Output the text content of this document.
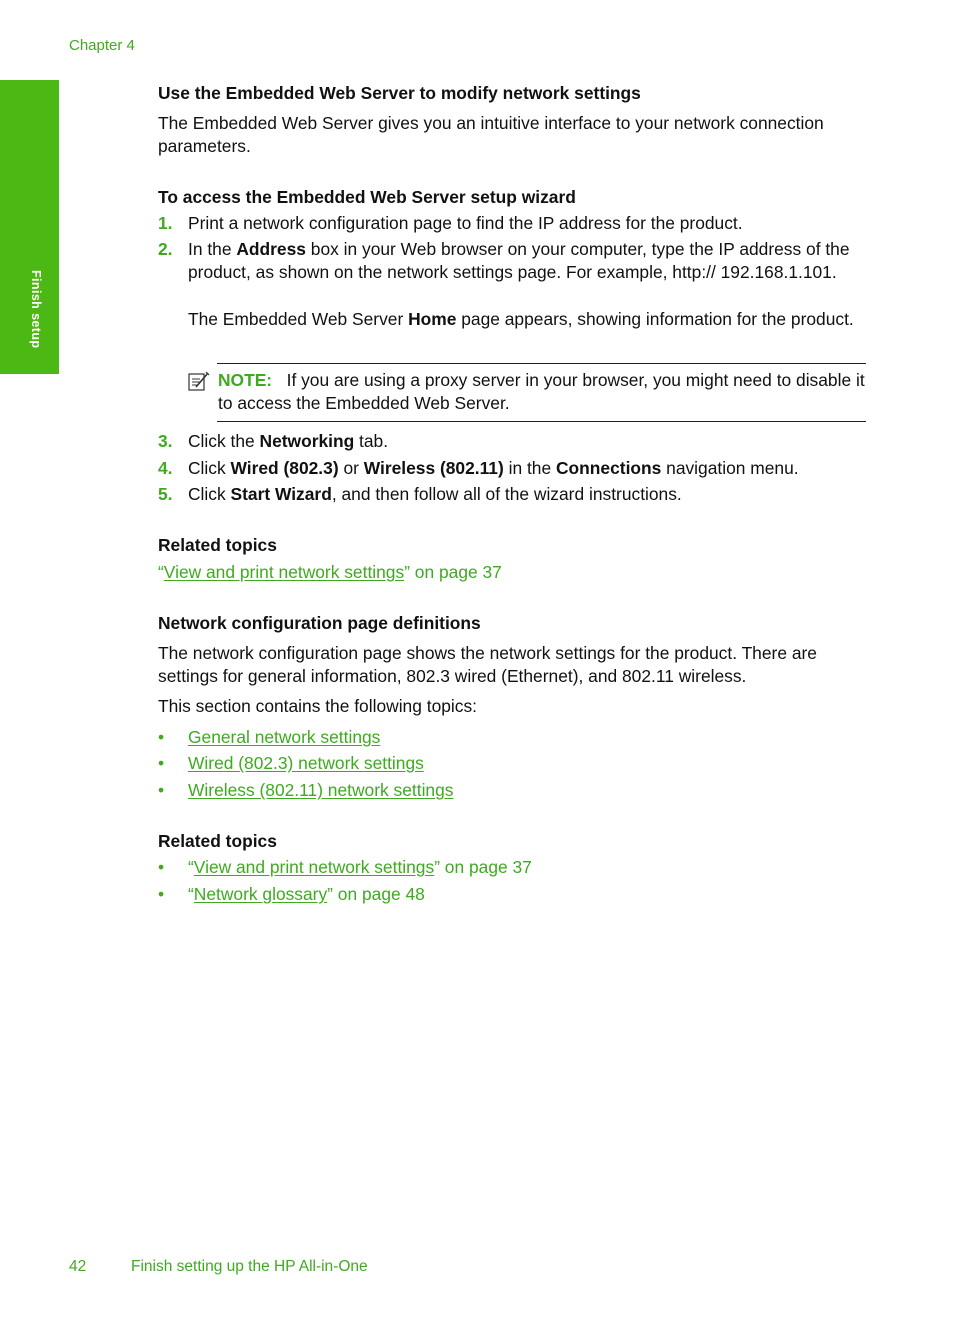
Chapter 4
Finish setup
Use the Embedded Web Server to modify network settings
The Embedded Web Server gives you an intuitive interface to your network connection parameters.
To access the Embedded Web Server setup wizard
1. Print a network configuration page to find the IP address for the product.
2. In the Address box in your Web browser on your computer, type the IP address of the product, as shown on the network settings page. For example, http:// 192.168.1.101.
The Embedded Web Server Home page appears, showing information for the product.
NOTE: If you are using a proxy server in your browser, you might need to disable it to access the Embedded Web Server.
3. Click the Networking tab.
4. Click Wired (802.3) or Wireless (802.11) in the Connections navigation menu.
5. Click Start Wizard, and then follow all of the wizard instructions.
Related topics
“View and print network settings” on page 37
Network configuration page definitions
The network configuration page shows the network settings for the product. There are settings for general information, 802.3 wired (Ethernet), and 802.11 wireless.
This section contains the following topics:
• General network settings
• Wired (802.3) network settings
• Wireless (802.11) network settings
Related topics
• “View and print network settings” on page 37
• “Network glossary” on page 48
42	Finish setting up the HP All-in-One
